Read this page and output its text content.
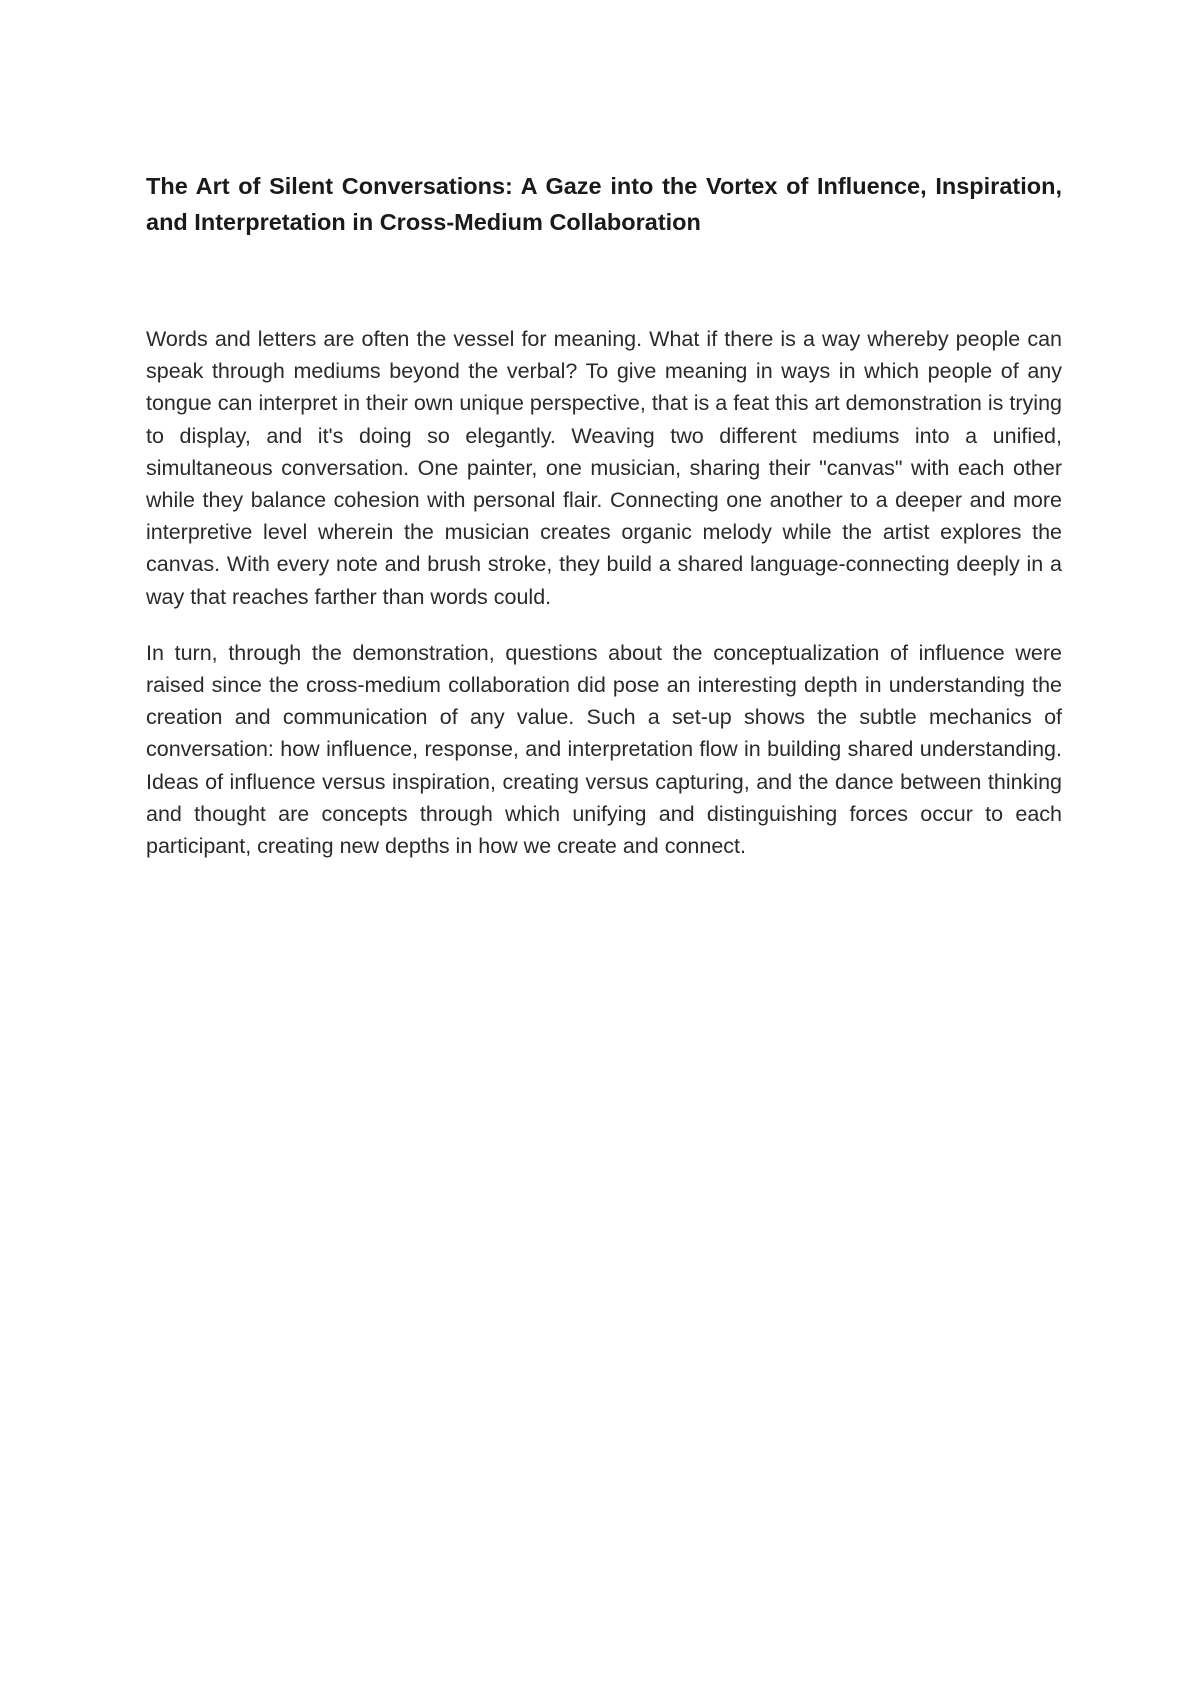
The Art of Silent Conversations: A Gaze into the Vortex of Influence, Inspiration, and Interpretation in Cross-Medium Collaboration

Words and letters are often the vessel for meaning. What if there is a way whereby people can speak through mediums beyond the verbal? To give meaning in ways in which people of any tongue can interpret in their own unique perspective, that is a feat this art demonstration is trying to display, and it's doing so elegantly. Weaving two different mediums into a unified, simultaneous conversation. One painter, one musician, sharing their "canvas" with each other while they balance cohesion with personal flair. Connecting one another to a deeper and more interpretive level wherein the musician creates organic melody while the artist explores the canvas. With every note and brush stroke, they build a shared language-connecting deeply in a way that reaches farther than words could.

In turn, through the demonstration, questions about the conceptualization of influence were raised since the cross-medium collaboration did pose an interesting depth in understanding the creation and communication of any value. Such a set-up shows the subtle mechanics of conversation: how influence, response, and interpretation flow in building shared understanding. Ideas of influence versus inspiration, creating versus capturing, and the dance between thinking and thought are concepts through which unifying and distinguishing forces occur to each participant, creating new depths in how we create and connect.
